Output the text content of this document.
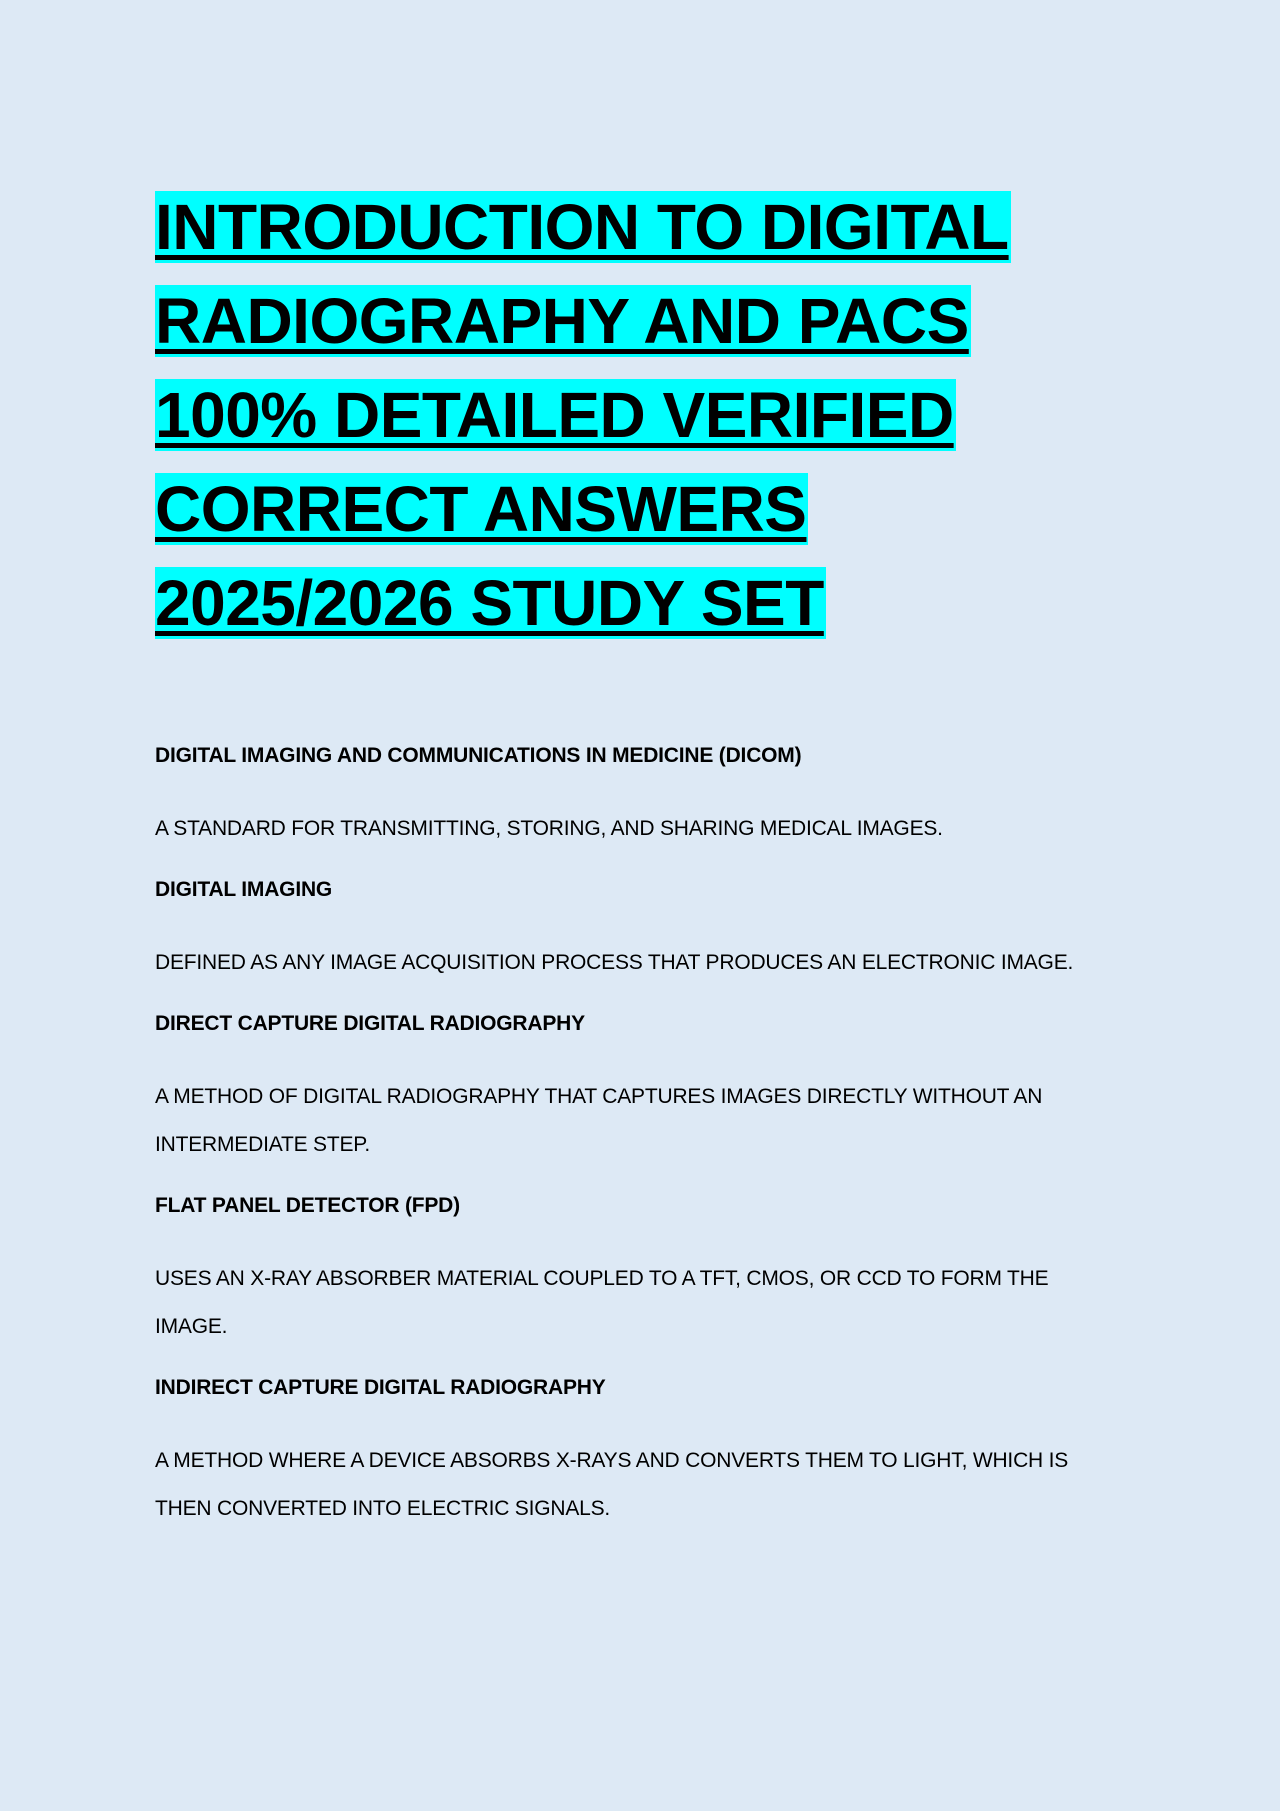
INTRODUCTION TO DIGITAL
RADIOGRAPHY AND PACS
100% DETAILED VERIFIED
CORRECT ANSWERS
2025/2026 STUDY SET

DIGITAL IMAGING AND COMMUNICATIONS IN MEDICINE (DICOM)

A STANDARD FOR TRANSMITTING, STORING, AND SHARING MEDICAL IMAGES.

DIGITAL IMAGING

DEFINED AS ANY IMAGE ACQUISITION PROCESS THAT PRODUCES AN ELECTRONIC IMAGE.

DIRECT CAPTURE DIGITAL RADIOGRAPHY

A METHOD OF DIGITAL RADIOGRAPHY THAT CAPTURES IMAGES DIRECTLY WITHOUT AN INTERMEDIATE STEP.

FLAT PANEL DETECTOR (FPD)

USES AN X-RAY ABSORBER MATERIAL COUPLED TO A TFT, CMOS, OR CCD TO FORM THE IMAGE.

INDIRECT CAPTURE DIGITAL RADIOGRAPHY

A METHOD WHERE A DEVICE ABSORBS X-RAYS AND CONVERTS THEM TO LIGHT, WHICH IS THEN CONVERTED INTO ELECTRIC SIGNALS.
